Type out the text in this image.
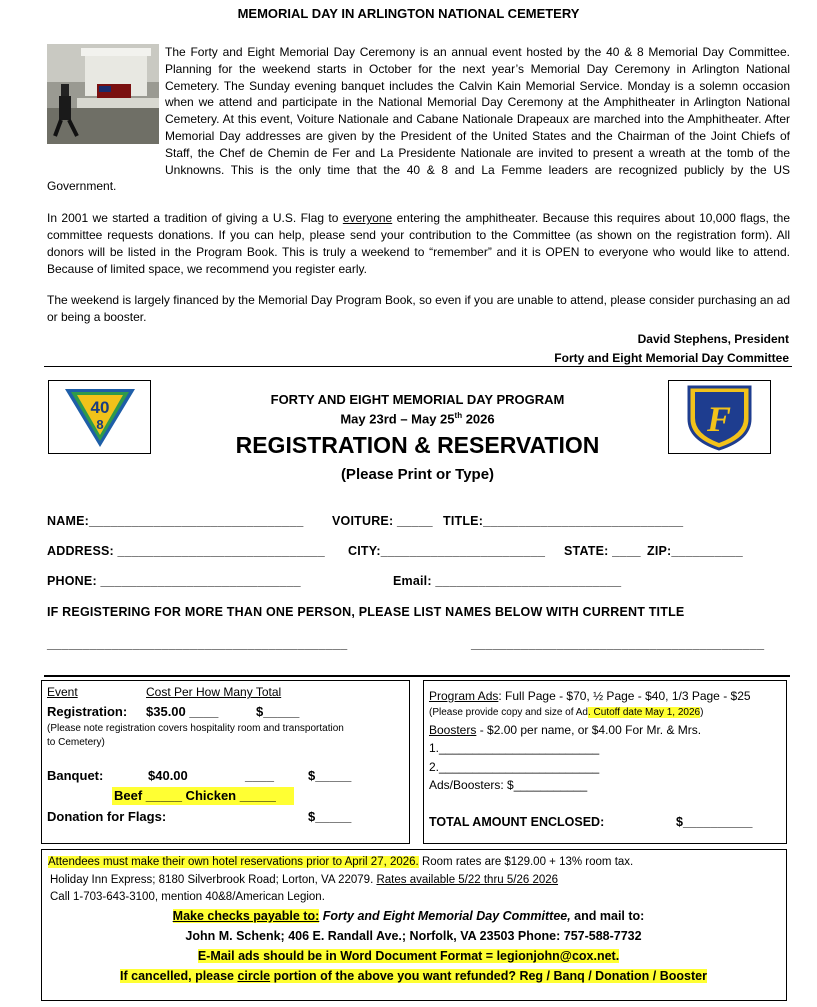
MEMORIAL DAY IN ARLINGTON NATIONAL CEMETERY

The Forty and Eight Memorial Day Ceremony is an annual event hosted by the 40 & 8 Memorial Day Committee. Planning for the weekend starts in October for the next year’s Memorial Day Ceremony in Arlington National Cemetery. The Sunday evening banquet includes the Calvin Kain Memorial Service. Monday is a solemn occasion when we attend and participate in the National Memorial Day Ceremony at the Amphitheater in Arlington National Cemetery. At this event, Voiture Nationale and Cabane Nationale Drapeaux are marched into the Amphitheater. After Memorial Day addresses are given by the President of the United States and the Chairman of the Joint Chiefs of Staff, the Chef de Chemin de Fer and La Presidente Nationale are invited to present a wreath at the tomb of the Unknowns. This is the only time that the 40 & 8 and La Femme leaders are recognized publicly by the US Government.

In 2001 we started a tradition of giving a U.S. Flag to everyone entering the amphitheater. Because this requires about 10,000 flags, the committee requests donations. If you can help, please send your contribution to the Committee (as shown on the registration form). All donors will be listed in the Program Book. This is truly a weekend to “remember” and it is OPEN to everyone who would like to attend. Because of limited space, we recommend you register early.

The weekend is largely financed by the Memorial Day Program Book, so even if you are unable to attend, please consider purchasing an ad or being a booster.

David Stephens, President
Forty and Eight Memorial Day Committee
40
8	F
FORTY AND EIGHT MEMORIAL DAY PROGRAM
May 23rd – May 25th 2026
REGISTRATION & RESERVATION
(Please Print or Type)
NAME:______________________________ VOITURE: _____ TITLE:____________________________
ADDRESS: _____________________________ CITY:_______________________ STATE: ____ ZIP:__________
PHONE: ____________________________	Email: __________________________
IF REGISTERING FOR MORE THAN ONE PERSON, PLEASE LIST NAMES BELOW WITH CURRENT TITLE
__________________________________________	_________________________________________
Event	Cost Per How Many Total
Registration: $35.00 ____	$_____
(Please note registration covers hospitality room and transportation to Cemetery)
Banquet:	$40.00	____	$_____
Beef _____ Chicken _____
Donation for Flags:	$_____
Program Ads: Full Page - $70, ½ Page - $40, 1/3 Page - $25
(Please provide copy and size of Ad. Cutoff date May 1, 2026)
Boosters - $2.00 per name, or $4.00 For Mr. & Mrs.
1.________________________
2.________________________
Ads/Boosters: $___________
TOTAL AMOUNT ENCLOSED:	$__________
Attendees must make their own hotel reservations prior to April 27, 2026. Room rates are $129.00 + 13% room tax.
Holiday Inn Express; 8180 Silverbrook Road; Lorton, VA 22079. Rates available 5/22 thru 5/26 2026
Call 1-703-643-3100, mention 40&8/American Legion.
Make checks payable to: Forty and Eight Memorial Day Committee, and mail to:
John M. Schenk; 406 E. Randall Ave.; Norfolk, VA 23503 Phone: 757-588-7732
E-Mail ads should be in Word Document Format = legionjohn@cox.net.
If cancelled, please circle portion of the above you want refunded? Reg / Banq / Donation / Booster
